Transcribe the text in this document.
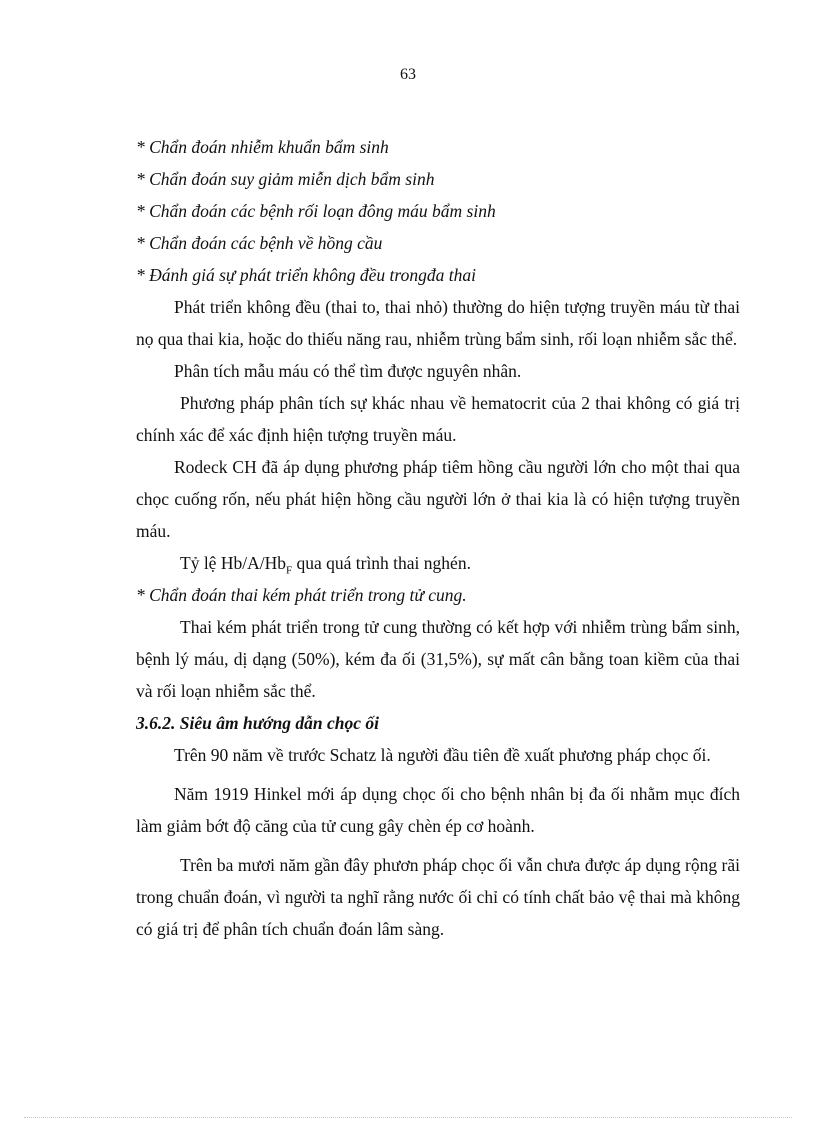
63

* Chẩn đoán nhiễm khuẩn bẩm sinh

* Chẩn đoán suy giảm miễn dịch bẩm sinh

* Chẩn đoán các bệnh rối loạn đông máu bẩm sinh

* Chẩn đoán các bệnh về hồng cầu

* Đánh giá sự phát triển không đều trongđa thai

Phát triển không đều (thai to, thai nhỏ) thường do hiện tượng truyền máu từ thai nọ qua thai kia, hoặc do thiếu năng rau, nhiễm trùng bẩm sinh, rối loạn nhiễm sắc thể.

Phân tích mẫu máu có thể tìm được nguyên nhân.

Phương pháp phân tích sự khác nhau về hematocrit của 2 thai không có giá trị chính xác để xác định hiện tượng truyền máu.

Rodeck CH đã áp dụng phương pháp tiêm hồng cầu người lớn cho một thai qua chọc cuống rốn, nếu phát hiện hồng cầu người lớn ở thai kia là có hiện tượng truyền máu.

Tỷ lệ $Hb/A/Hb_F$ qua quá trình thai nghén.

* Chẩn đoán thai kém phát triển trong tử cung.

Thai kém phát triển trong tử cung thường có kết hợp với nhiễm trùng bẩm sinh, bệnh lý máu, dị dạng (50%), kém đa ối (31,5%), sự mất cân bằng toan kiềm của thai và rối loạn nhiễm sắc thể.

3.6.2. Siêu âm hướng dẫn chọc ối

Trên 90 năm về trước Schatz là người đầu tiên đề xuất phương pháp chọc ối.

Năm 1919 Hinkel mới áp dụng chọc ối cho bệnh nhân bị đa ối nhằm mục đích làm giảm bớt độ căng của tử cung gây chèn ép cơ hoành.

Trên ba mươi năm gần đây phươn pháp chọc ối vẫn chưa được áp dụng rộng rãi trong chuẩn đoán, vì người ta nghĩ rằng nước ối chỉ có tính chất bảo vệ thai mà không có giá trị để phân tích chuẩn đoán lâm sàng.
